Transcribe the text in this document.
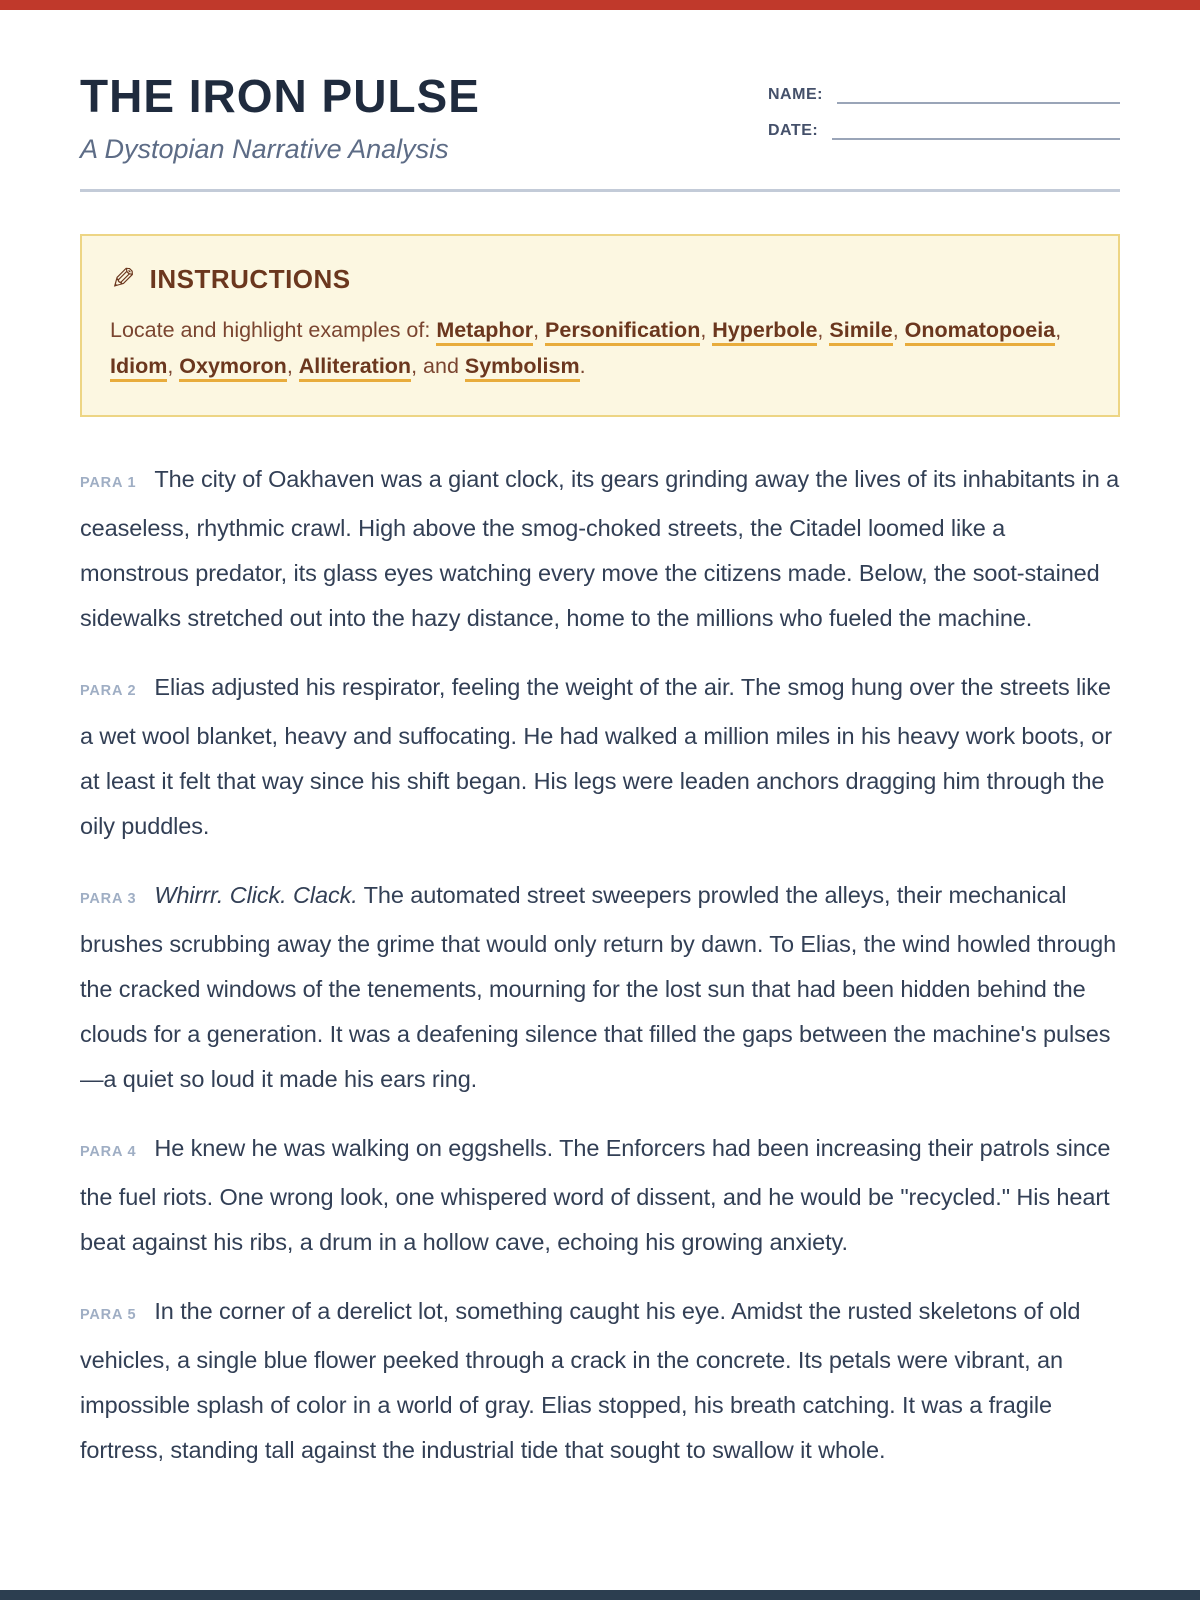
THE IRON PULSE
A Dystopian Narrative Analysis
NAME:
DATE:
✎ INSTRUCTIONS

Locate and highlight examples of: Metaphor, Personification, Hyperbole, Simile, Onomatopoeia, Idiom, Oxymoron, Alliteration, and Symbolism.

PARA 1 The city of Oakhaven was a giant clock, its gears grinding away the lives of its inhabitants in a ceaseless, rhythmic crawl. High above the smog-choked streets, the Citadel loomed like a monstrous predator, its glass eyes watching every move the citizens made. Below, the soot-stained sidewalks stretched out into the hazy distance, home to the millions who fueled the machine.
PARA 2 Elias adjusted his respirator, feeling the weight of the air. The smog hung over the streets like a wet wool blanket, heavy and suffocating. He had walked a million miles in his heavy work boots, or at least it felt that way since his shift began. His legs were leaden anchors dragging him through the oily puddles.
PARA 3 Whirrr. Click. Clack. The automated street sweepers prowled the alleys, their mechanical brushes scrubbing away the grime that would only return by dawn. To Elias, the wind howled through the cracked windows of the tenements, mourning for the lost sun that had been hidden behind the clouds for a generation. It was a deafening silence that filled the gaps between the machine's pulses—a quiet so loud it made his ears ring.
PARA 4 He knew he was walking on eggshells. The Enforcers had been increasing their patrols since the fuel riots. One wrong look, one whispered word of dissent, and he would be "recycled." His heart beat against his ribs, a drum in a hollow cave, echoing his growing anxiety.
PARA 5 In the corner of a derelict lot, something caught his eye. Amidst the rusted skeletons of old vehicles, a single blue flower peeked through a crack in the concrete. Its petals were vibrant, an impossible splash of color in a world of gray. Elias stopped, his breath catching. It was a fragile fortress, standing tall against the industrial tide that sought to swallow it whole.
